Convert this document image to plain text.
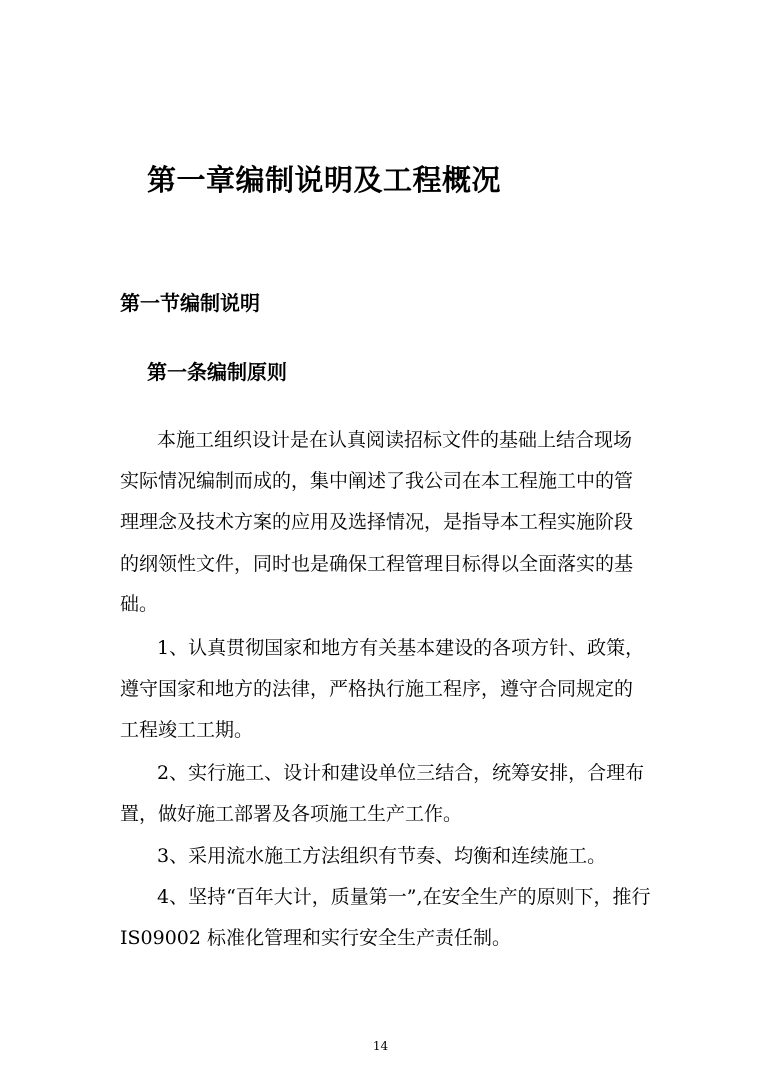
第一章编制说明及工程概况
第一节编制说明
第一条编制原则
本施工组织设计是在认真阅读招标文件的基础上结合现场
实际情况编制而成的，集中阐述了我公司在本工程施工中的管
理理念及技术方案的应用及选择情况，是指导本工程实施阶段
的纲领性文件，同时也是确保工程管理目标得以全面落实的基
础。
1、认真贯彻国家和地方有关基本建设的各项方针、政策，
遵守国家和地方的法律，严格执行施工程序，遵守合同规定的
工程竣工工期。
2、实行施工、设计和建设单位三结合，统筹安排，合理布
置，做好施工部署及各项施工生产工作。
3、采用流水施工方法组织有节奏、均衡和连续施工。
4、坚持“百年大计，质量第一”,在安全生产的原则下，推行
IS09002 标准化管理和实行安全生产责任制。
14
